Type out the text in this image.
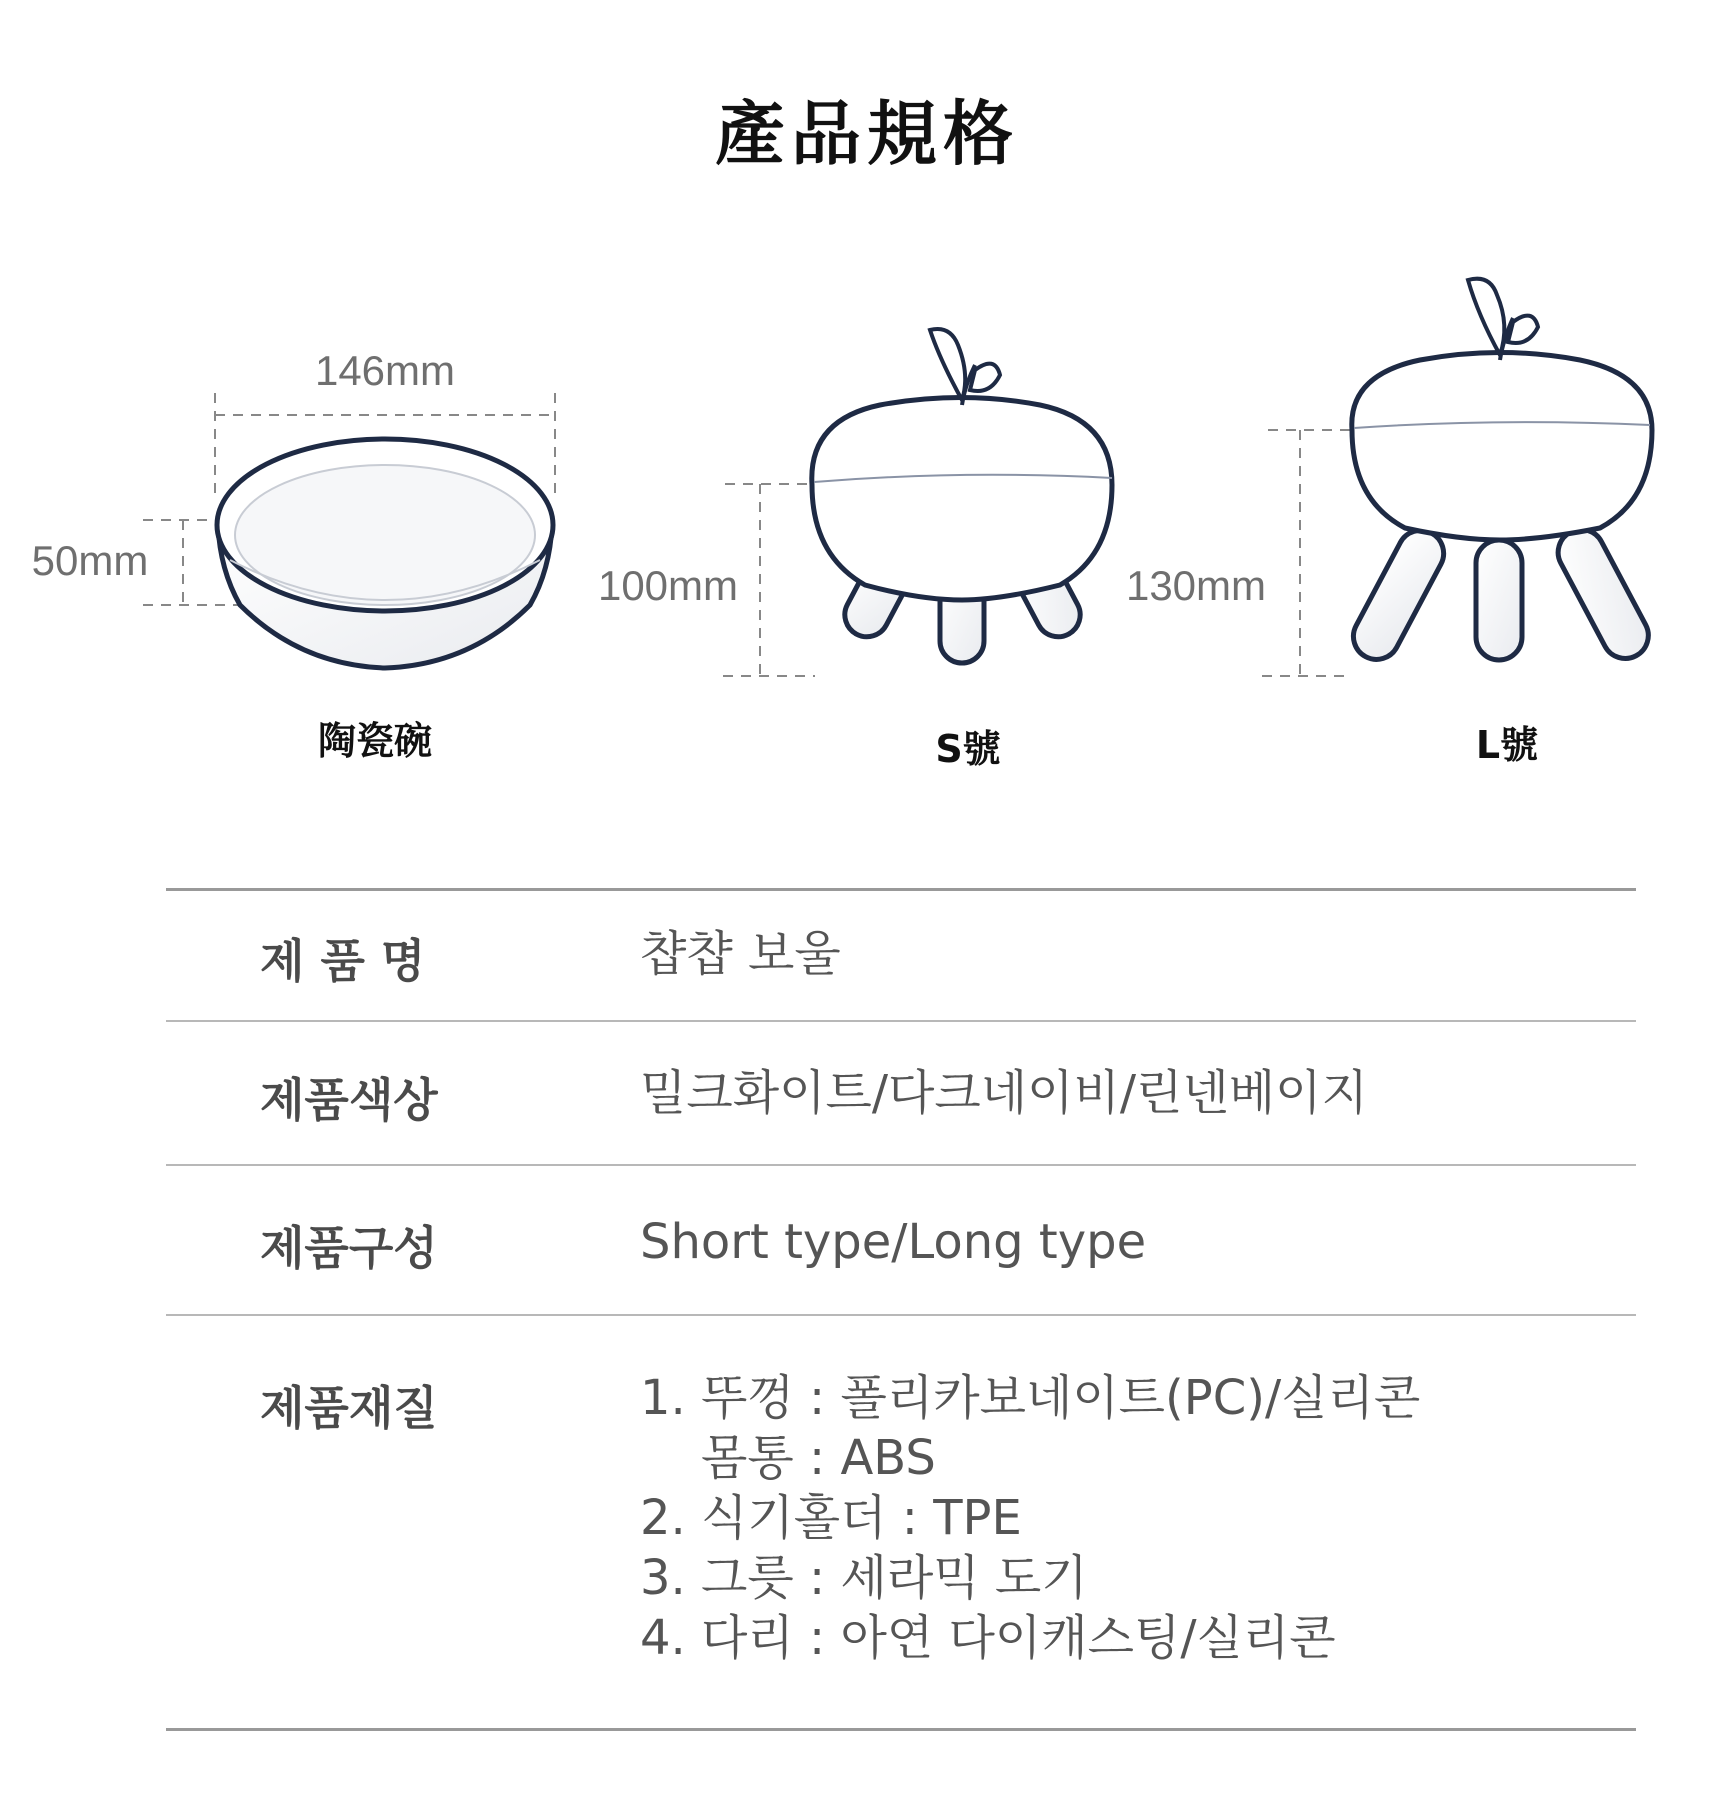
產品規格
146mm
50mm
100mm	130mm
陶瓷碗	S號	L號
제 품 명	챱챱 보울
제품색상	밀크화이트/다크네이비/린넨베이지
제품구성	Short type/Long type
제품재질	1. 뚜껑 : 폴리카보네이트(PC)/실리콘
몸통 : ABS
2. 식기홀더 : TPE
3. 그릇 : 세라믹 도기
4. 다리 : 아연 다이캐스팅/실리콘
